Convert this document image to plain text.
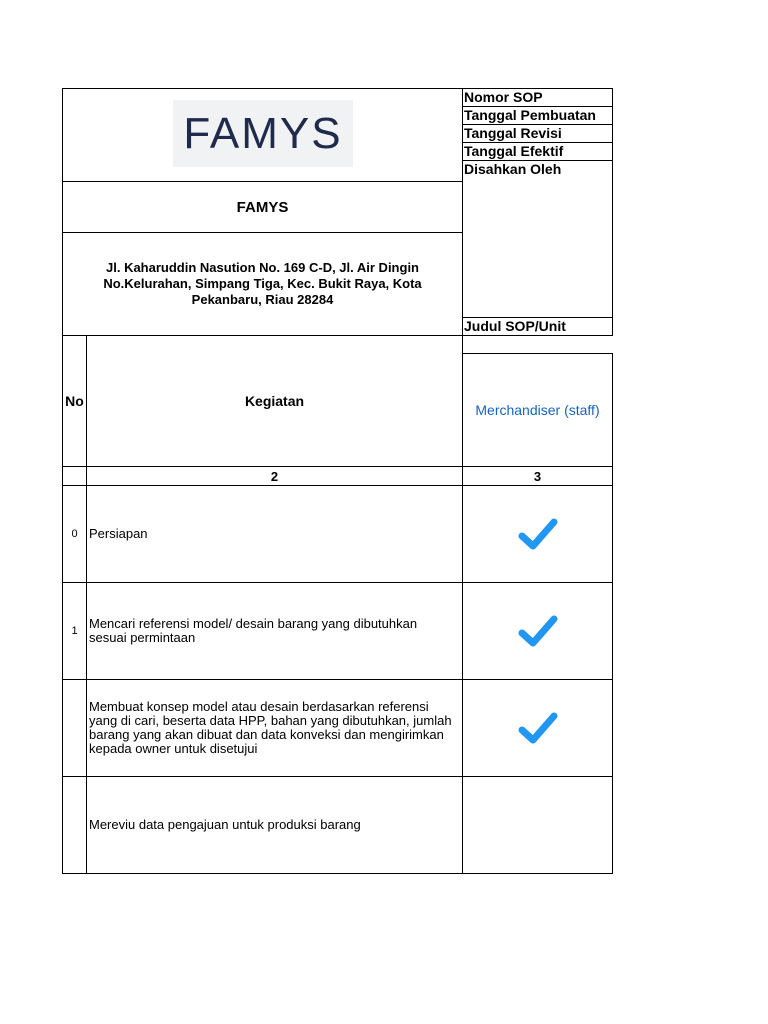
FAMYS
FAMYS
Jl. Kaharuddin Nasution No. 169 C-D, Jl. Air Dingin No.Kelurahan, Simpang Tiga, Kec. Bukit Raya, Kota Pekanbaru, Riau 28284
Nomor SOP
Tanggal Pembuatan
Tanggal Revisi
Tanggal Efektif
Disahkan Oleh
Judul SOP/Unit
No	Kegiatan
Merchandiser (staff)
2	3
0 Persiapan
1 Mencari referensi model/ desain barang yang dibutuhkan sesuai permintaan
Membuat konsep model atau desain berdasarkan referensi yang di cari, beserta data HPP, bahan yang dibutuhkan, jumlah barang yang akan dibuat dan data konveksi dan mengirimkan kepada owner untuk disetujui
Mereviu data pengajuan untuk produksi barang
